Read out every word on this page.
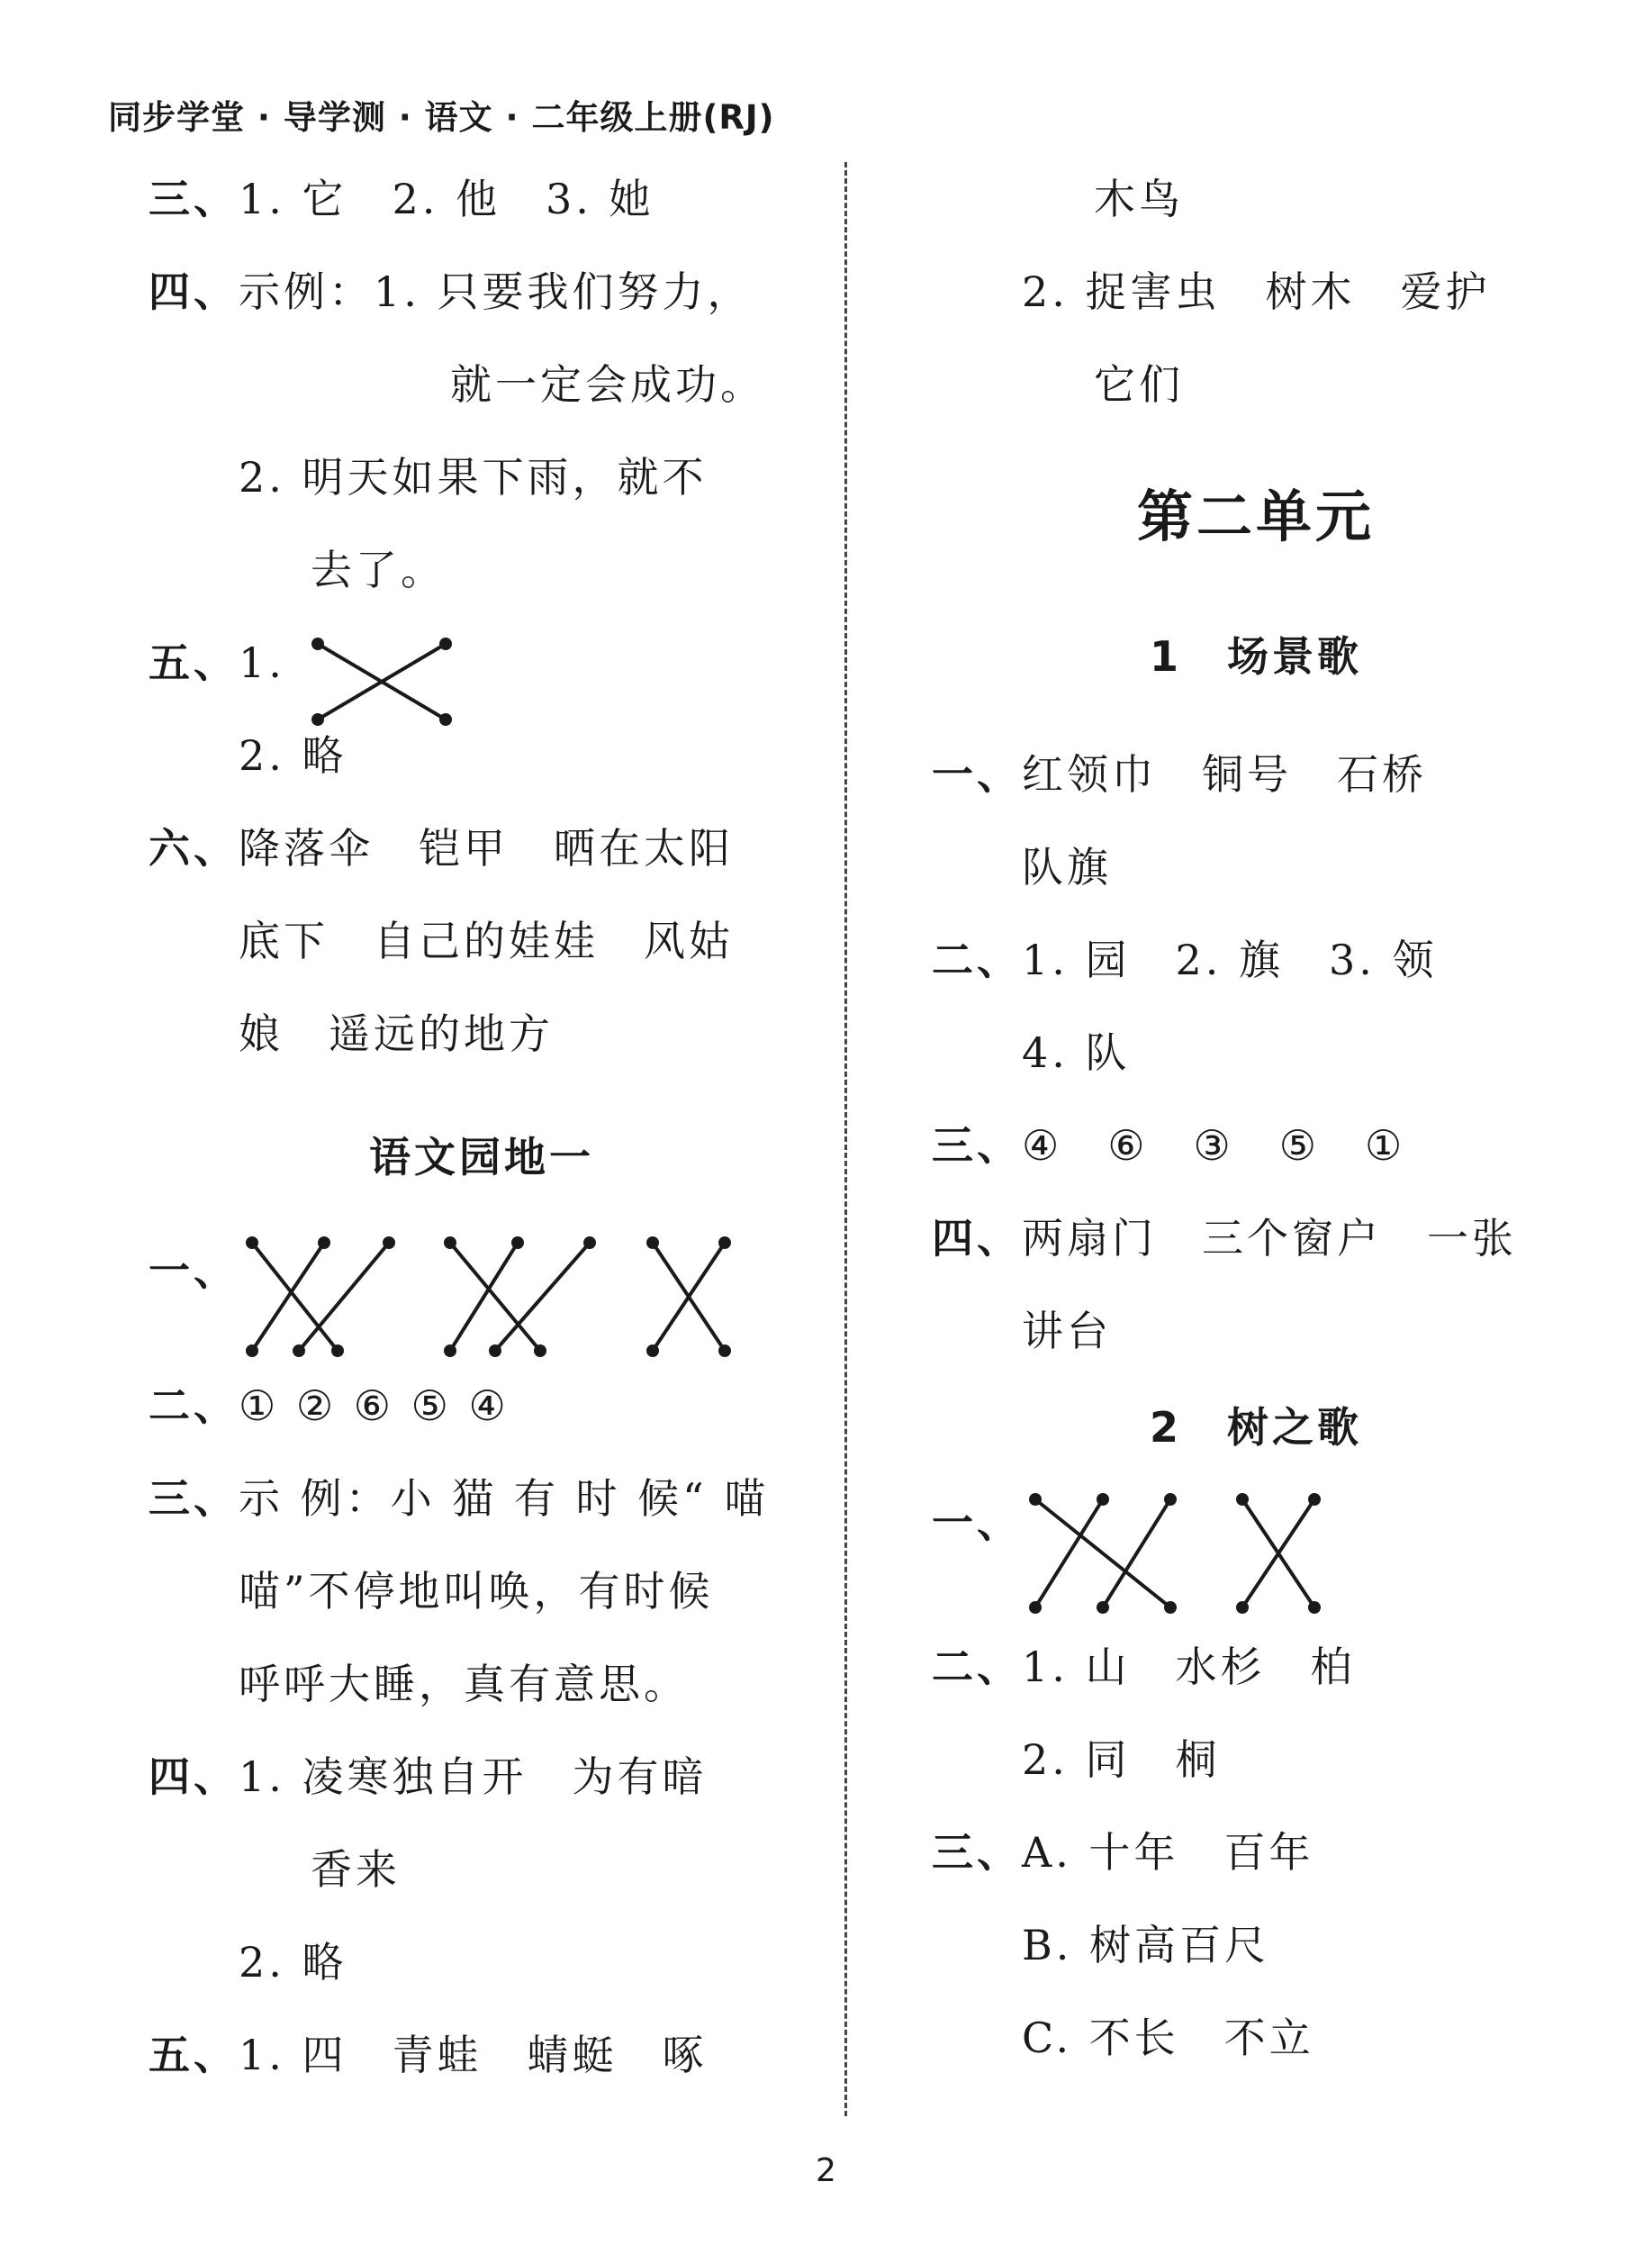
同步学堂 · 导学测 · 语文 · 二年级上册(RJ)
三、1. 它　2. 他　3. 她
四、示例：1. 只要我们努力，
就一定会成功。
2. 明天如果下雨，就不
去了。
五、1.
2. 略
六、降落伞　铠甲　晒在太阳
底下　自己的娃娃　风姑
娘　遥远的地方
语文园地一
一、
二、① ② ⑥ ⑤ ④
三、示 例：小 猫 有 时 候“ 喵
喵”不停地叫唤，有时候
呼呼大睡，真有意思。
四、1. 凌寒独自开　为有暗
香来
2. 略
五、1. 四　青蛙　蜻蜓　啄
木鸟
2. 捉害虫　树木　爱护
它们
第二单元
1　场景歌
一、红领巾　铜号　石桥
队旗
二、1. 园　2. 旗　3. 领
4. 队
三、④　⑥　③　⑤　①
四、两扇门　三个窗户　一张
讲台
2　树之歌
一、
二、1. 山　水杉　柏
2. 同　桐
三、A. 十年　百年
B. 树高百尺
C. 不长　不立
2
